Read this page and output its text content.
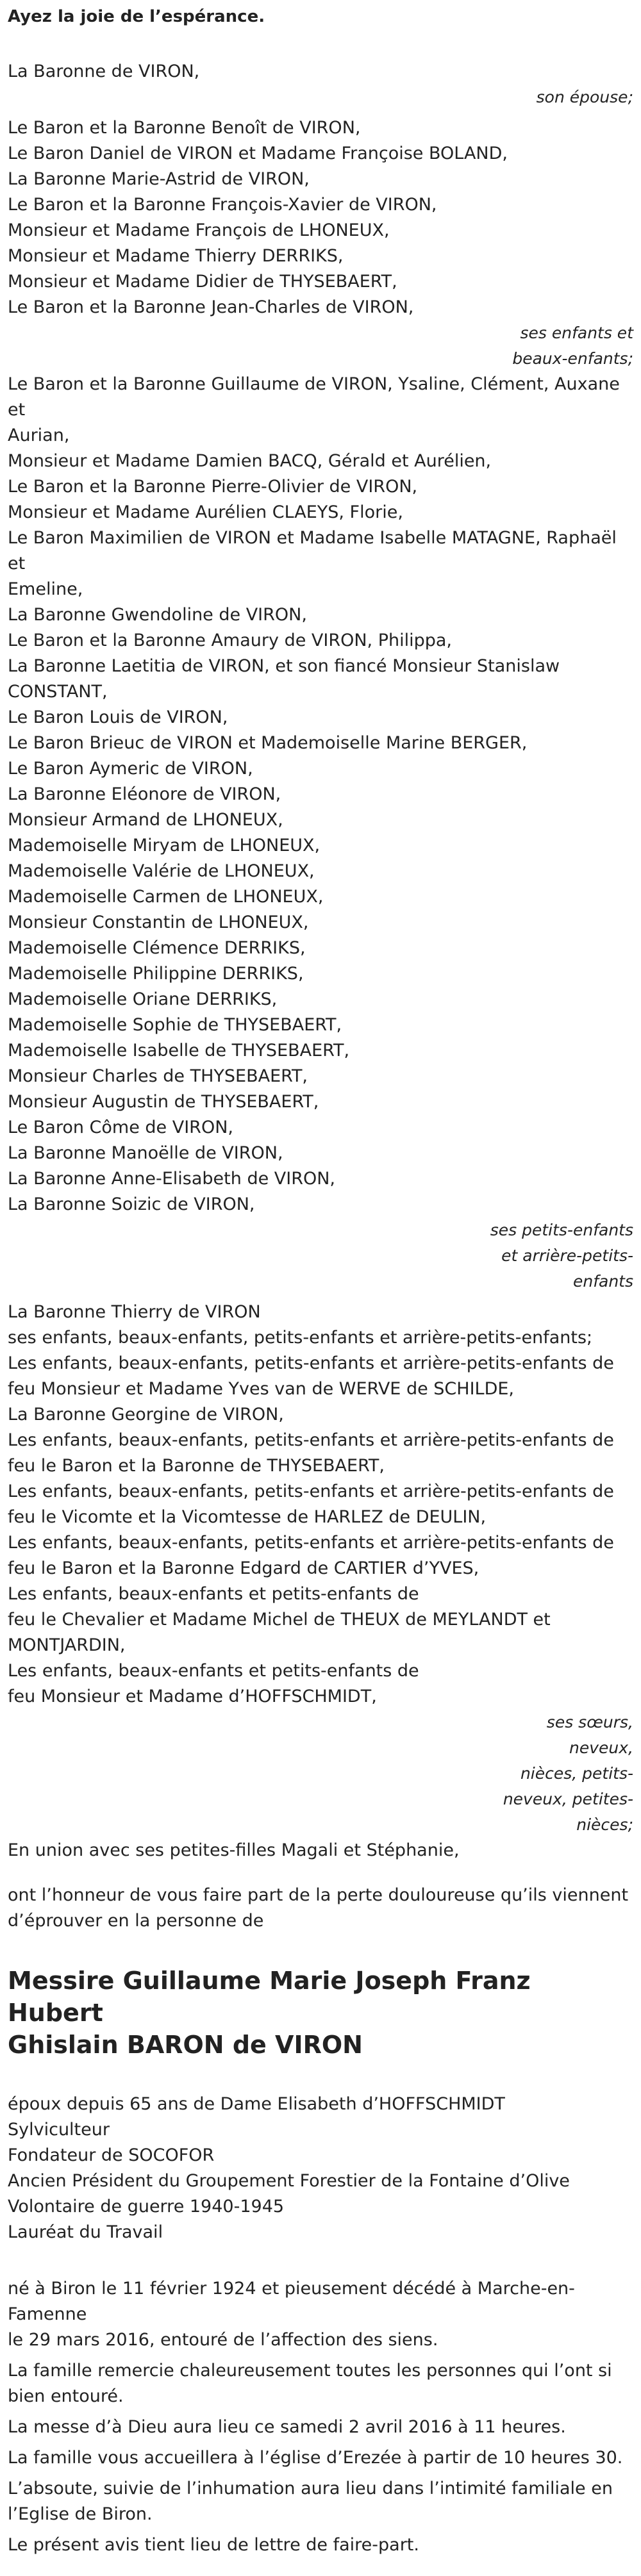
Ayez la joie de l’espérance.

La Baronne de VIRON,

son épouse;

Le Baron et la Baronne Benoît de VIRON,

Le Baron Daniel de VIRON et Madame Françoise BOLAND,

La Baronne Marie-Astrid de VIRON,

Le Baron et la Baronne François-Xavier de VIRON,

Monsieur et Madame François de LHONEUX,

Monsieur et Madame Thierry DERRIKS,

Monsieur et Madame Didier de THYSEBAERT,

Le Baron et la Baronne Jean-Charles de VIRON,

ses enfants et

beaux-enfants;

Le Baron et la Baronne Guillaume de VIRON, Ysaline, Clément, Auxane et

Aurian,

Monsieur et Madame Damien BACQ, Gérald et Aurélien,

Le Baron et la Baronne Pierre-Olivier de VIRON,

Monsieur et Madame Aurélien CLAEYS, Florie,

Le Baron Maximilien de VIRON et Madame Isabelle MATAGNE, Raphaël et

Emeline,

La Baronne Gwendoline de VIRON,

Le Baron et la Baronne Amaury de VIRON, Philippa,

La Baronne Laetitia de VIRON, et son fiancé Monsieur Stanislaw

CONSTANT,

Le Baron Louis de VIRON,

Le Baron Brieuc de VIRON et Mademoiselle Marine BERGER,

Le Baron Aymeric de VIRON,

La Baronne Eléonore de VIRON,

Monsieur Armand de LHONEUX,

Mademoiselle Miryam de LHONEUX,

Mademoiselle Valérie de LHONEUX,

Mademoiselle Carmen de LHONEUX,

Monsieur Constantin de LHONEUX,

Mademoiselle Clémence DERRIKS,

Mademoiselle Philippine DERRIKS,

Mademoiselle Oriane DERRIKS,

Mademoiselle Sophie de THYSEBAERT,

Mademoiselle Isabelle de THYSEBAERT,

Monsieur Charles de THYSEBAERT,

Monsieur Augustin de THYSEBAERT,

Le Baron Côme de VIRON,

La Baronne Manoëlle de VIRON,

La Baronne Anne-Elisabeth de VIRON,

La Baronne Soizic de VIRON,

ses petits-enfants

et arrière-petits-

enfants

La Baronne Thierry de VIRON

ses enfants, beaux-enfants, petits-enfants et arrière-petits-enfants;

Les enfants, beaux-enfants, petits-enfants et arrière-petits-enfants de

feu Monsieur et Madame Yves van de WERVE de SCHILDE,

La Baronne Georgine de VIRON,

Les enfants, beaux-enfants, petits-enfants et arrière-petits-enfants de

feu le Baron et la Baronne de THYSEBAERT,

Les enfants, beaux-enfants, petits-enfants et arrière-petits-enfants de

feu le Vicomte et la Vicomtesse de HARLEZ de DEULIN,

Les enfants, beaux-enfants, petits-enfants et arrière-petits-enfants de

feu le Baron et la Baronne Edgard de CARTIER d’YVES,

Les enfants, beaux-enfants et petits-enfants de

feu le Chevalier et Madame Michel de THEUX de MEYLANDT et

MONTJARDIN,

Les enfants, beaux-enfants et petits-enfants de

feu Monsieur et Madame d’HOFFSCHMIDT,

ses sœurs, neveux,

nièces, petits-

neveux, petites-

nièces;

En union avec ses petites-filles Magali et Stéphanie,

ont l’honneur de vous faire part de la perte douloureuse qu’ils viennent

d’éprouver en la personne de

Messire Guillaume Marie Joseph Franz Hubert

Ghislain BARON de VIRON

époux depuis 65 ans de Dame Elisabeth d’HOFFSCHMIDT

Sylviculteur

Fondateur de SOCOFOR

Ancien Président du Groupement Forestier de la Fontaine d’Olive

Volontaire de guerre 1940-1945

Lauréat du Travail

né à Biron le 11 février 1924 et pieusement décédé à Marche-en-Famenne

le 29 mars 2016, entouré de l’affection des siens.

La famille remercie chaleureusement toutes les personnes qui l’ont si

bien entouré.

La messe d’à Dieu aura lieu ce samedi 2 avril 2016 à 11 heures.

La famille vous accueillera à l’église d’Erezée à partir de 10 heures 30.

L’absoute, suivie de l’inhumation aura lieu dans l’intimité familiale en

l’Eglise de Biron.

Le présent avis tient lieu de lettre de faire-part.
